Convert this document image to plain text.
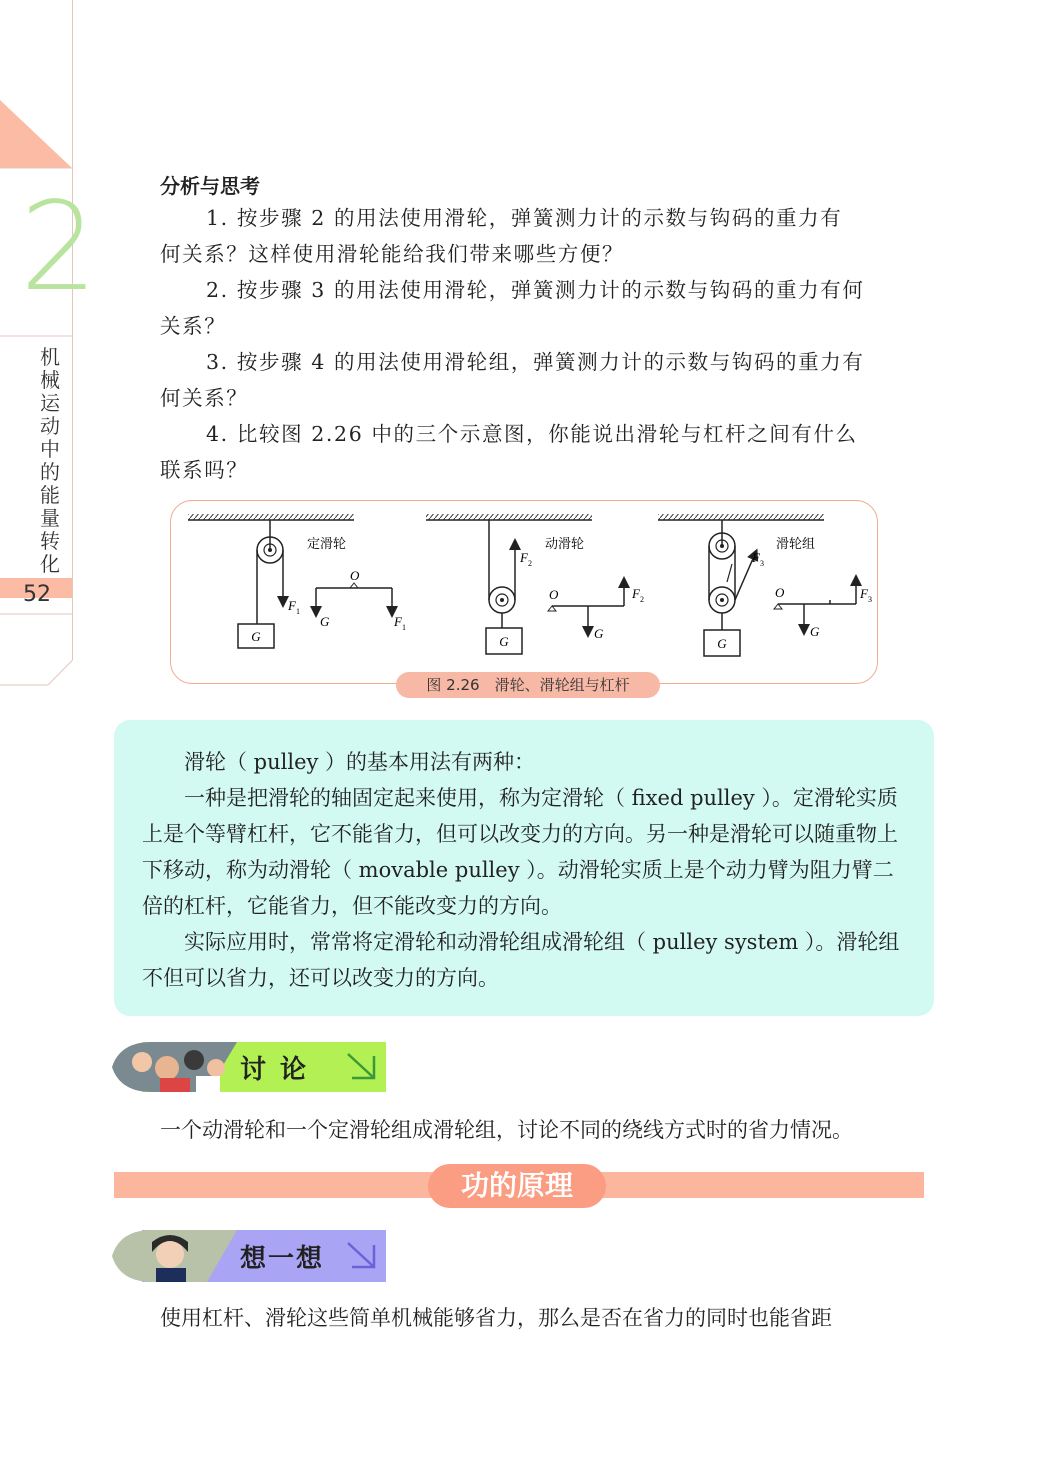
2
机
械
运
动
中
的
能
量
转
化
52
分析与思考
1. 按步骤 2 的用法使用滑轮，弹簧测力计的示数与钩码的重力有
何关系？这样使用滑轮能给我们带来哪些方便？
2. 按步骤 3 的用法使用滑轮，弹簧测力计的示数与钩码的重力有何
关系？
3. 按步骤 4 的用法使用滑轮组，弹簧测力计的示数与钩码的重力有
何关系？
4. 比较图 2.26 中的三个示意图，你能说出滑轮与杠杆之间有什么
联系吗？
G
定滑轮
F 1
O
G	F 1
G
动滑轮
F 2
O
G
F 2
G
滑轮组
F 3
O
G
F 3
图 2.26　滑轮、滑轮组与杠杆
　　滑轮（ pulley ）的基本用法有两种：
　　一种是把滑轮的轴固定起来使用，称为定滑轮（ fixed pulley ）。定滑轮实质上是个等臂杠杆，它不能省力，但可以改变力的方向。另一种是滑轮可以随重物上下移动，称为动滑轮（ movable pulley ）。动滑轮实质上是个动力臂为阻力臂二倍的杠杆，它能省力，但不能改变力的方向。
　　实际应用时，常常将定滑轮和动滑轮组成滑轮组（ pulley system ）。滑轮组不但可以省力，还可以改变力的方向。
讨论
一个动滑轮和一个定滑轮组成滑轮组，讨论不同的绕线方式时的省力情况。
功的原理
想一想
使用杠杆、滑轮这些简单机械能够省力，那么是否在省力的同时也能省距
